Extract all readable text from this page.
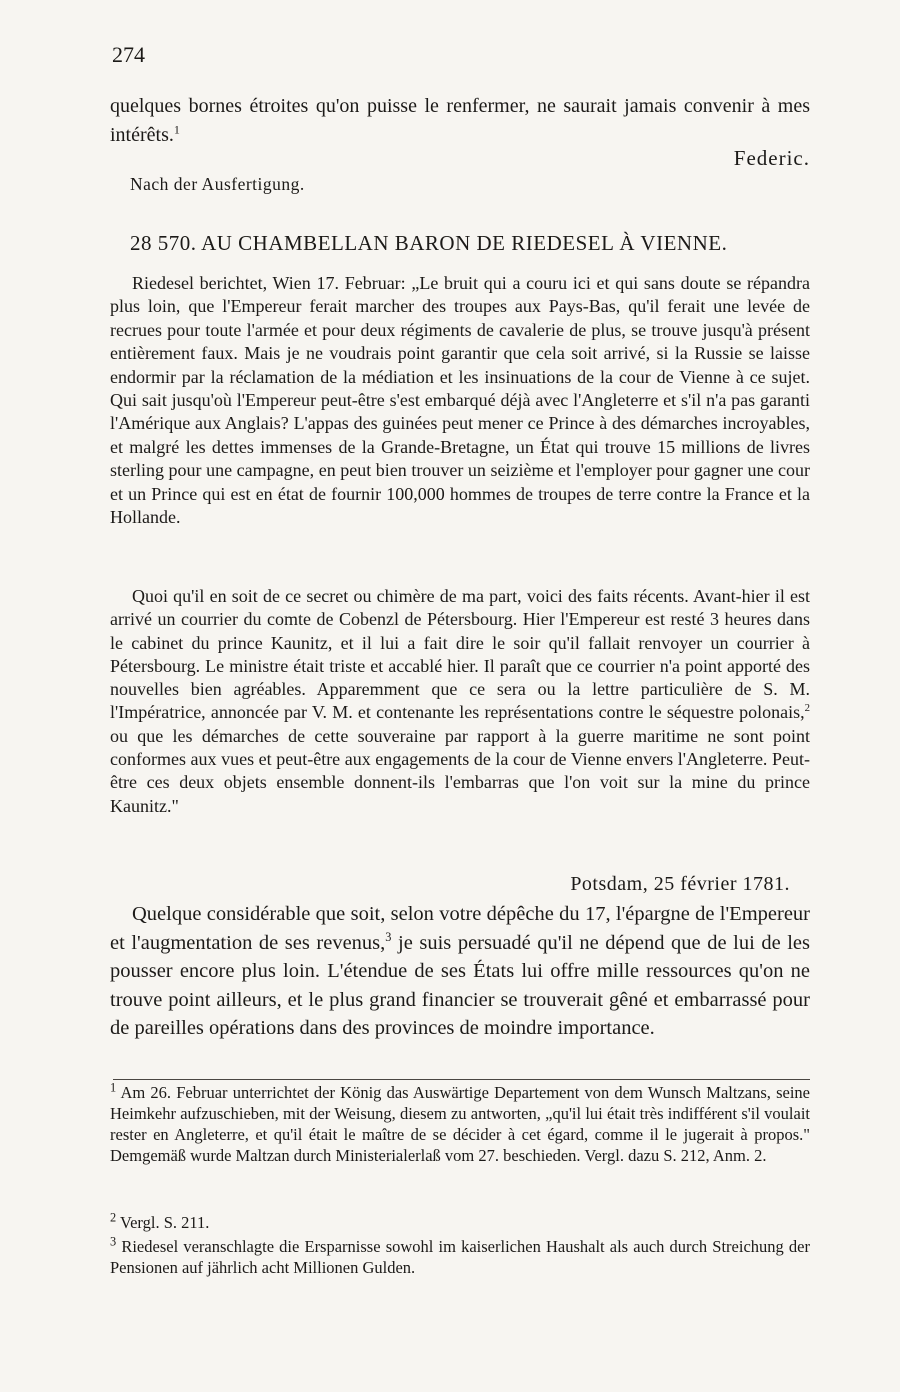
274

quelques bornes étroites qu'on puisse le renfermer, ne saurait jamais convenir à mes intérêts.$^1$

Federic.
Nach der Ausfertigung.
28 570. AU CHAMBELLAN BARON DE RIEDESEL À VIENNE.

Riedesel berichtet, Wien 17. Februar: „Le bruit qui a couru ici et qui sans doute se répandra plus loin, que l'Empereur ferait marcher des troupes aux Pays-Bas, qu'il ferait une levée de recrues pour toute l'armée et pour deux régiments de cavalerie de plus, se trouve jusqu'à présent entièrement faux. Mais je ne voudrais point garantir que cela soit arrivé, si la Russie se laisse endormir par la réclamation de la médiation et les insinuations de la cour de Vienne à ce sujet. Qui sait jusqu'où l'Empereur peut-être s'est embarqué déjà avec l'Angleterre et s'il n'a pas garanti l'Amérique aux Anglais? L'appas des guinées peut mener ce Prince à des démarches incroyables, et malgré les dettes immenses de la Grande-Bretagne, un État qui trouve 15 millions de livres sterling pour une campagne, en peut bien trouver un seizième et l'employer pour gagner une cour et un Prince qui est en état de fournir 100,000 hommes de troupes de terre contre la France et la Hollande.

Quoi qu'il en soit de ce secret ou chimère de ma part, voici des faits récents. Avant-hier il est arrivé un courrier du comte de Cobenzl de Pétersbourg. Hier l'Empereur est resté 3 heures dans le cabinet du prince Kaunitz, et il lui a fait dire le soir qu'il fallait renvoyer un courrier à Pétersbourg. Le ministre était triste et accablé hier. Il paraît que ce courrier n'a point apporté des nouvelles bien agréables. Apparemment que ce sera ou la lettre particulière de S. M. l'Impératrice, annoncée par V. M. et contenante les représentations contre le séquestre polonais,$^2$ ou que les démarches de cette souveraine par rapport à la guerre maritime ne sont point conformes aux vues et peut-être aux engagements de la cour de Vienne envers l'Angleterre. Peut-être ces deux objets ensemble donnent-ils l'embarras que l'on voit sur la mine du prince Kaunitz."

Potsdam, 25 février 1781.

Quelque considérable que soit, selon votre dépêche du 17, l'épargne de l'Empereur et l'augmentation de ses revenus,$^3$ je suis persuadé qu'il ne dépend que de lui de les pousser encore plus loin. L'étendue de ses États lui offre mille ressources qu'on ne trouve point ailleurs, et le plus grand financier se trouverait gêné et embarrassé pour de pareilles opérations dans des provinces de moindre importance.

$^1$ Am 26. Februar unterrichtet der König das Auswärtige Departement von dem Wunsch Maltzans, seine Heimkehr aufzuschieben, mit der Weisung, diesem zu antworten, „qu'il lui était très indifférent s'il voulait rester en Angleterre, et qu'il était le maître de se décider à cet égard, comme il le jugerait à propos." Demgemäß wurde Maltzan durch Ministerialerlaß vom 27. beschieden. Vergl. dazu S. 212, Anm. 2.

$^2$ Vergl. S. 211.

$^3$ Riedesel veranschlagte die Ersparnisse sowohl im kaiserlichen Haushalt als auch durch Streichung der Pensionen auf jährlich acht Millionen Gulden.
